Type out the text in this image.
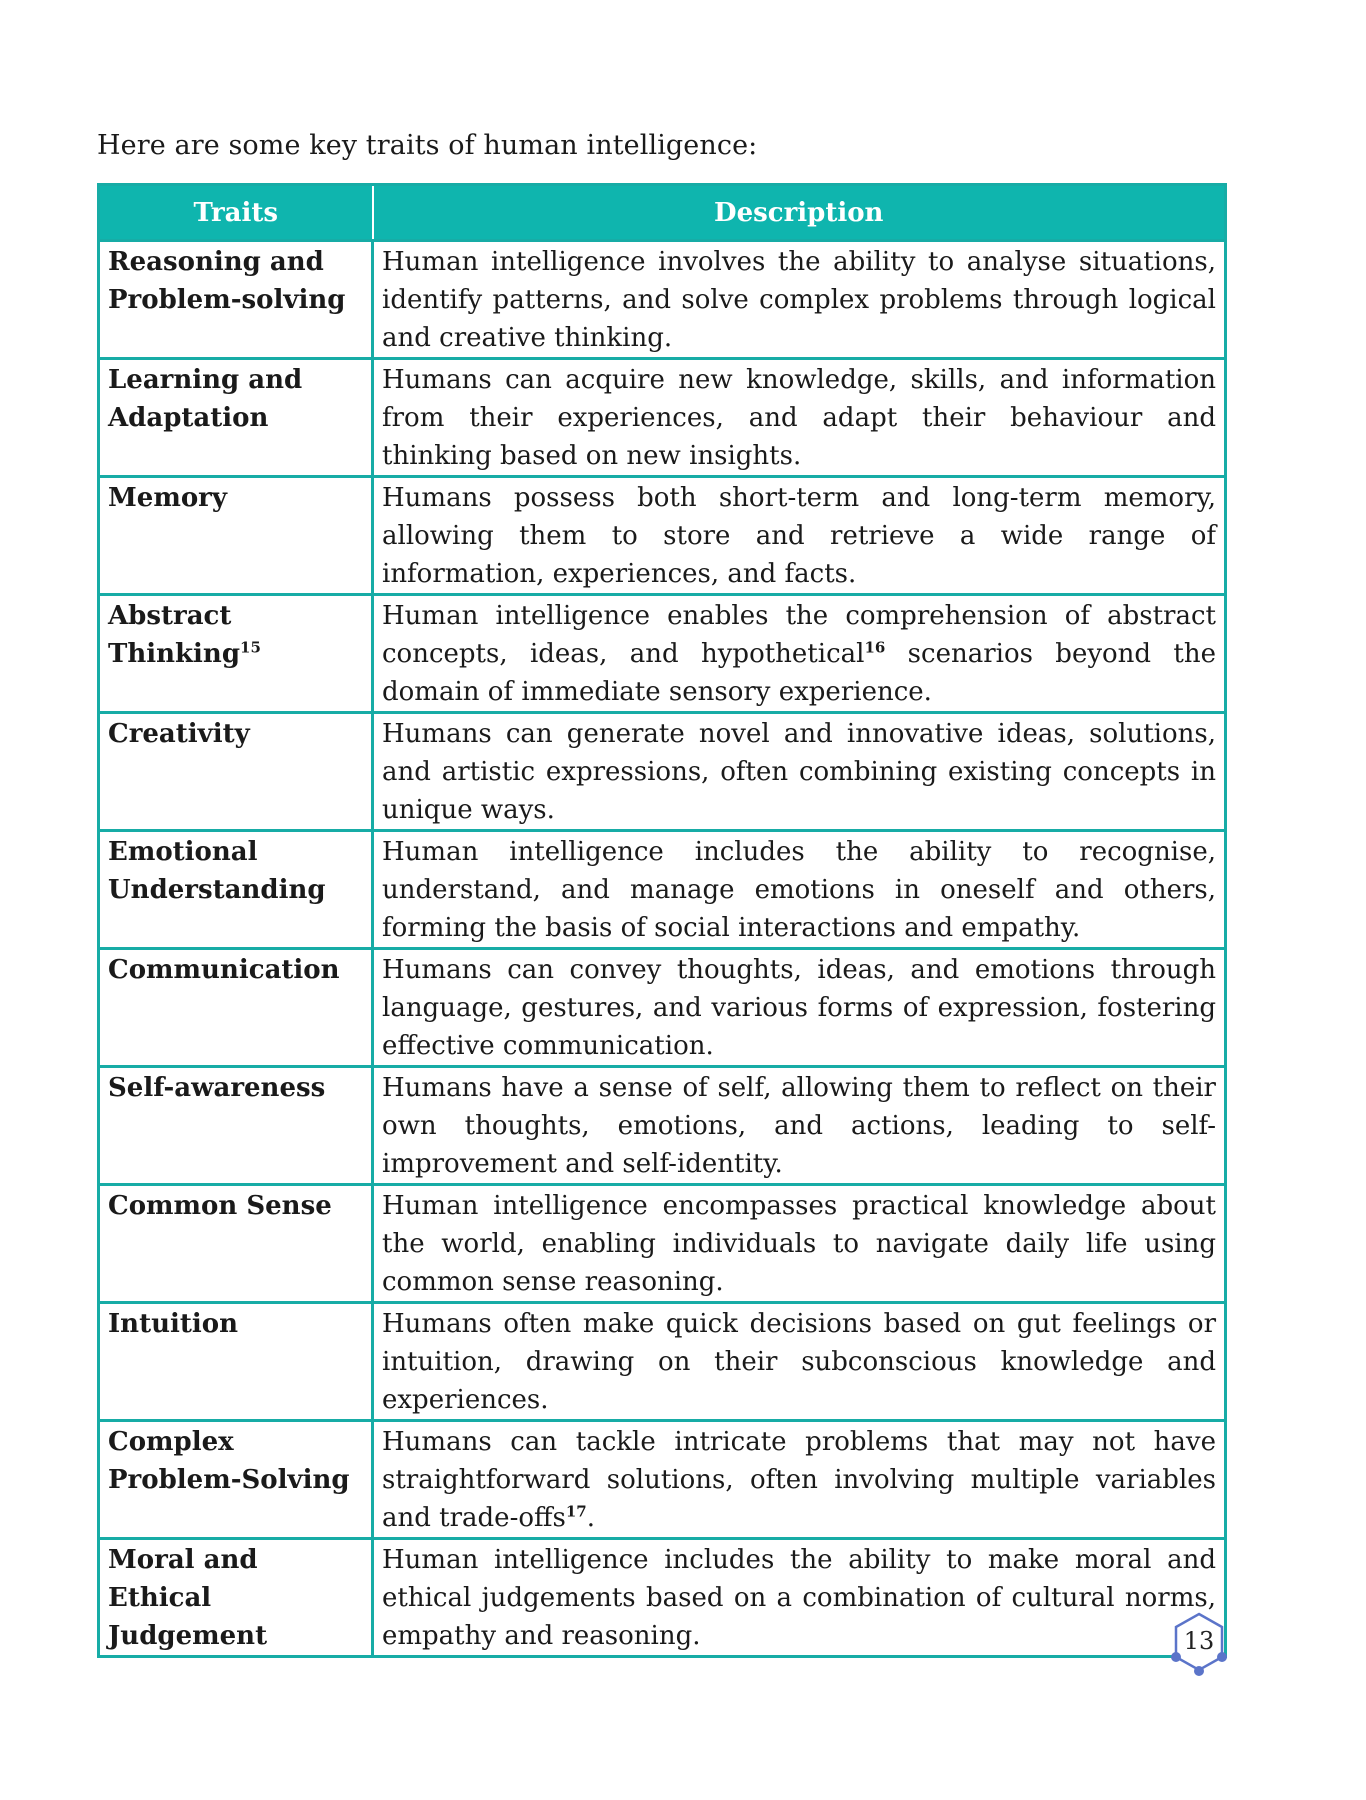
Here are some key traits of human intelligence:
Traits	Description
Reasoning and Problem-solving	Human intelligence involves the ability to analyse situations, identify patterns, and solve complex problems through logical and creative thinking.
Learning and Adaptation	Humans can acquire new knowledge, skills, and information from their experiences, and adapt their behaviour and thinking based on new insights.
Memory	Humans possess both short-term and long-term memory, allowing them to store and retrieve a wide range of information, experiences, and facts.
Abstract Thinking$^{15}$	Human intelligence enables the comprehension of abstract concepts, ideas, and hypothetical$^{16}$ scenarios beyond the domain of immediate sensory experience.
Creativity	Humans can generate novel and innovative ideas, solutions, and artistic expressions, often combining existing concepts in unique ways.
Emotional Understanding	Human intelligence includes the ability to recognise, understand, and manage emotions in oneself and others, forming the basis of social interactions and empathy.
Communication	Humans can convey thoughts, ideas, and emotions through language, gestures, and various forms of expression, fostering effective communication.
Self-awareness	Humans have a sense of self, allowing them to reflect on their own thoughts, emotions, and actions, leading to self-improvement and self-identity.
Common Sense	Human intelligence encompasses practical knowledge about the world, enabling individuals to navigate daily life using common sense reasoning.
Intuition	Humans often make quick decisions based on gut feelings or intuition, drawing on their subconscious knowledge and experiences.
Complex Problem-Solving	Humans can tackle intricate problems that may not have straightforward solutions, often involving multiple variables and trade-offs$^{17}$.
Moral and Ethical Judgement	Human intelligence includes the ability to make moral and ethical judgements based on a combination of cultural norms, empathy and reasoning.	13
